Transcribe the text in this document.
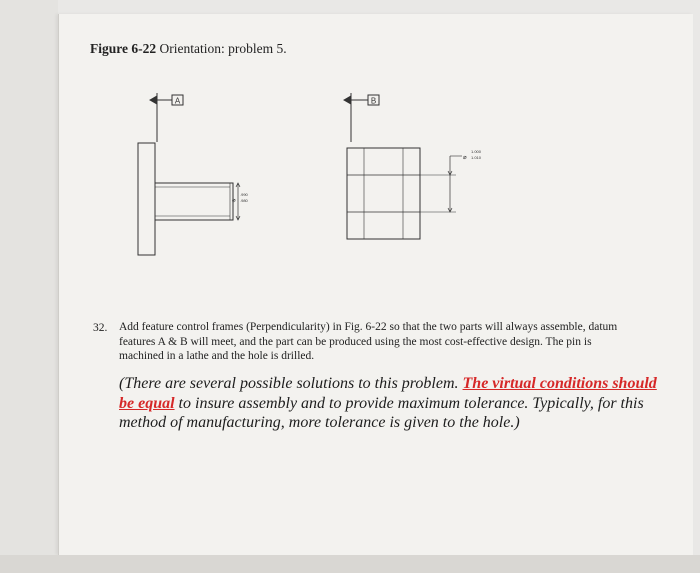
Figure 6-22 Orientation: problem 5.
A	B
⌀
.990
.980
⌀
1.000
1.010
32. Add feature control frames (Perpendicularity) in Fig. 6-22 so that the two parts will always assemble, datum features A & B will meet, and the part can be produced using the most cost-effective design. The pin is machined in a lathe and the hole is drilled.
(There are several possible solutions to this problem. The virtual conditions should be equal to insure assembly and to provide maximum tolerance. Typically, for this method of manufacturing, more tolerance is given to the hole.)
